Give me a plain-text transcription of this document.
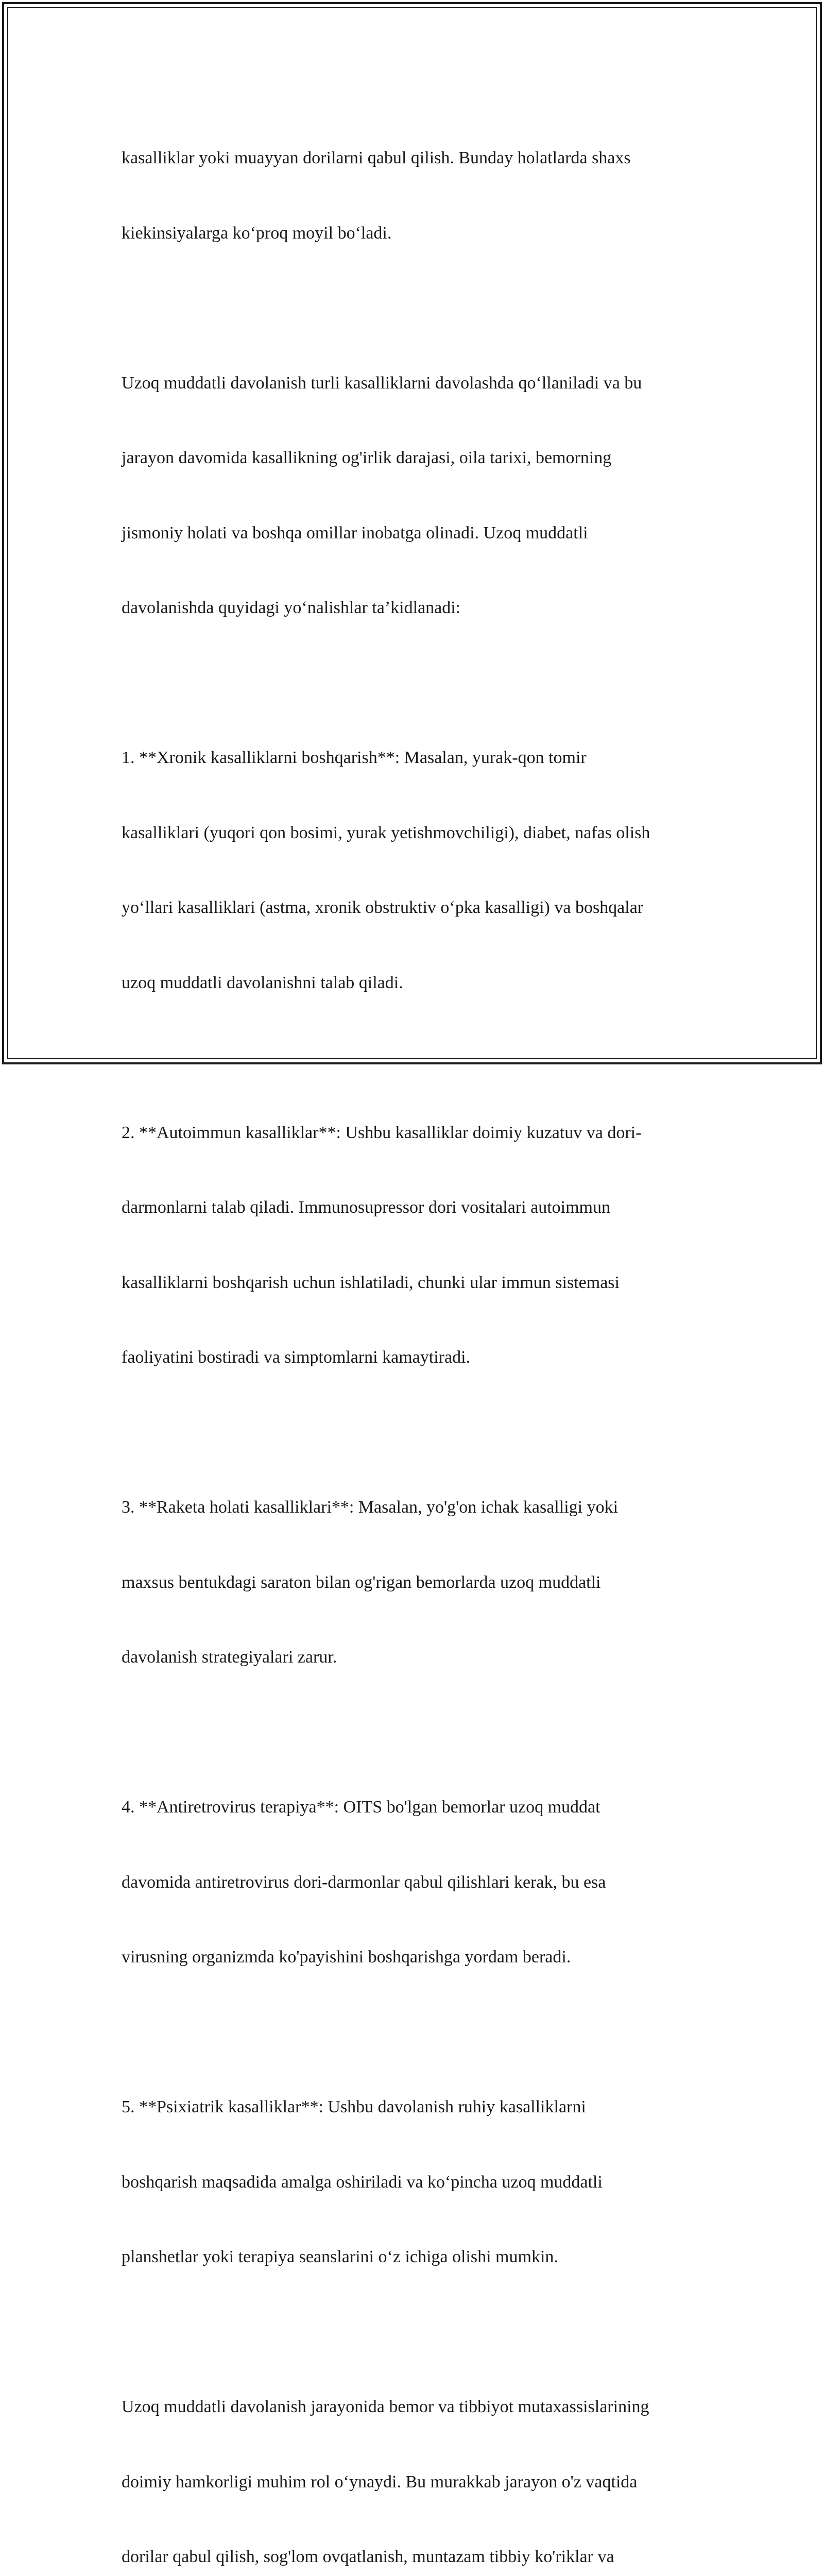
kasalliklar yoki muayyan dorilarni qabul qilish. Bunday holatlarda shaxs

kiekinsiyalarga ko‘proq moyil bo‘ladi.

Uzoq muddatli davolanish turli kasalliklarni davolashda qo‘llaniladi va bu

jarayon davomida kasallikning og'irlik darajasi, oila tarixi, bemorning

jismoniy holati va boshqa omillar inobatga olinadi. Uzoq muddatli

davolanishda quyidagi yo‘nalishlar ta’kidlanadi:

1. **Xronik kasalliklarni boshqarish**: Masalan, yurak-qon tomir

kasalliklari (yuqori qon bosimi, yurak yetishmovchiligi), diabet, nafas olish

yo‘llari kasalliklari (astma, xronik obstruktiv o‘pka kasalligi) va boshqalar

uzoq muddatli davolanishni talab qiladi.

2. **Autoimmun kasalliklar**: Ushbu kasalliklar doimiy kuzatuv va dori-

darmonlarni talab qiladi. Immunosupressor dori vositalari autoimmun

kasalliklarni boshqarish uchun ishlatiladi, chunki ular immun sistemasi

faoliyatini bostiradi va simptomlarni kamaytiradi.

3. **Raketa holati kasalliklari**: Masalan, yo'g'on ichak kasalligi yoki

maxsus bentukdagi saraton bilan og'rigan bemorlarda uzoq muddatli

davolanish strategiyalari zarur.

4. **Antiretrovirus terapiya**: OITS bo'lgan bemorlar uzoq muddat

davomida antiretrovirus dori-darmonlar qabul qilishlari kerak, bu esa

virusning organizmda ko'payishini boshqarishga yordam beradi.

5. **Psixiatrik kasalliklar**: Ushbu davolanish ruhiy kasalliklarni

boshqarish maqsadida amalga oshiriladi va ko‘pincha uzoq muddatli

planshetlar yoki terapiya seanslarini o‘z ichiga olishi mumkin.

Uzoq muddatli davolanish jarayonida bemor va tibbiyot mutaxassislarining

doimiy hamkorligi muhim rol o‘ynaydi. Bu murakkab jarayon o'z vaqtida

dorilar qabul qilish, sog'lom ovqatlanish, muntazam tibbiy ko'riklar va
